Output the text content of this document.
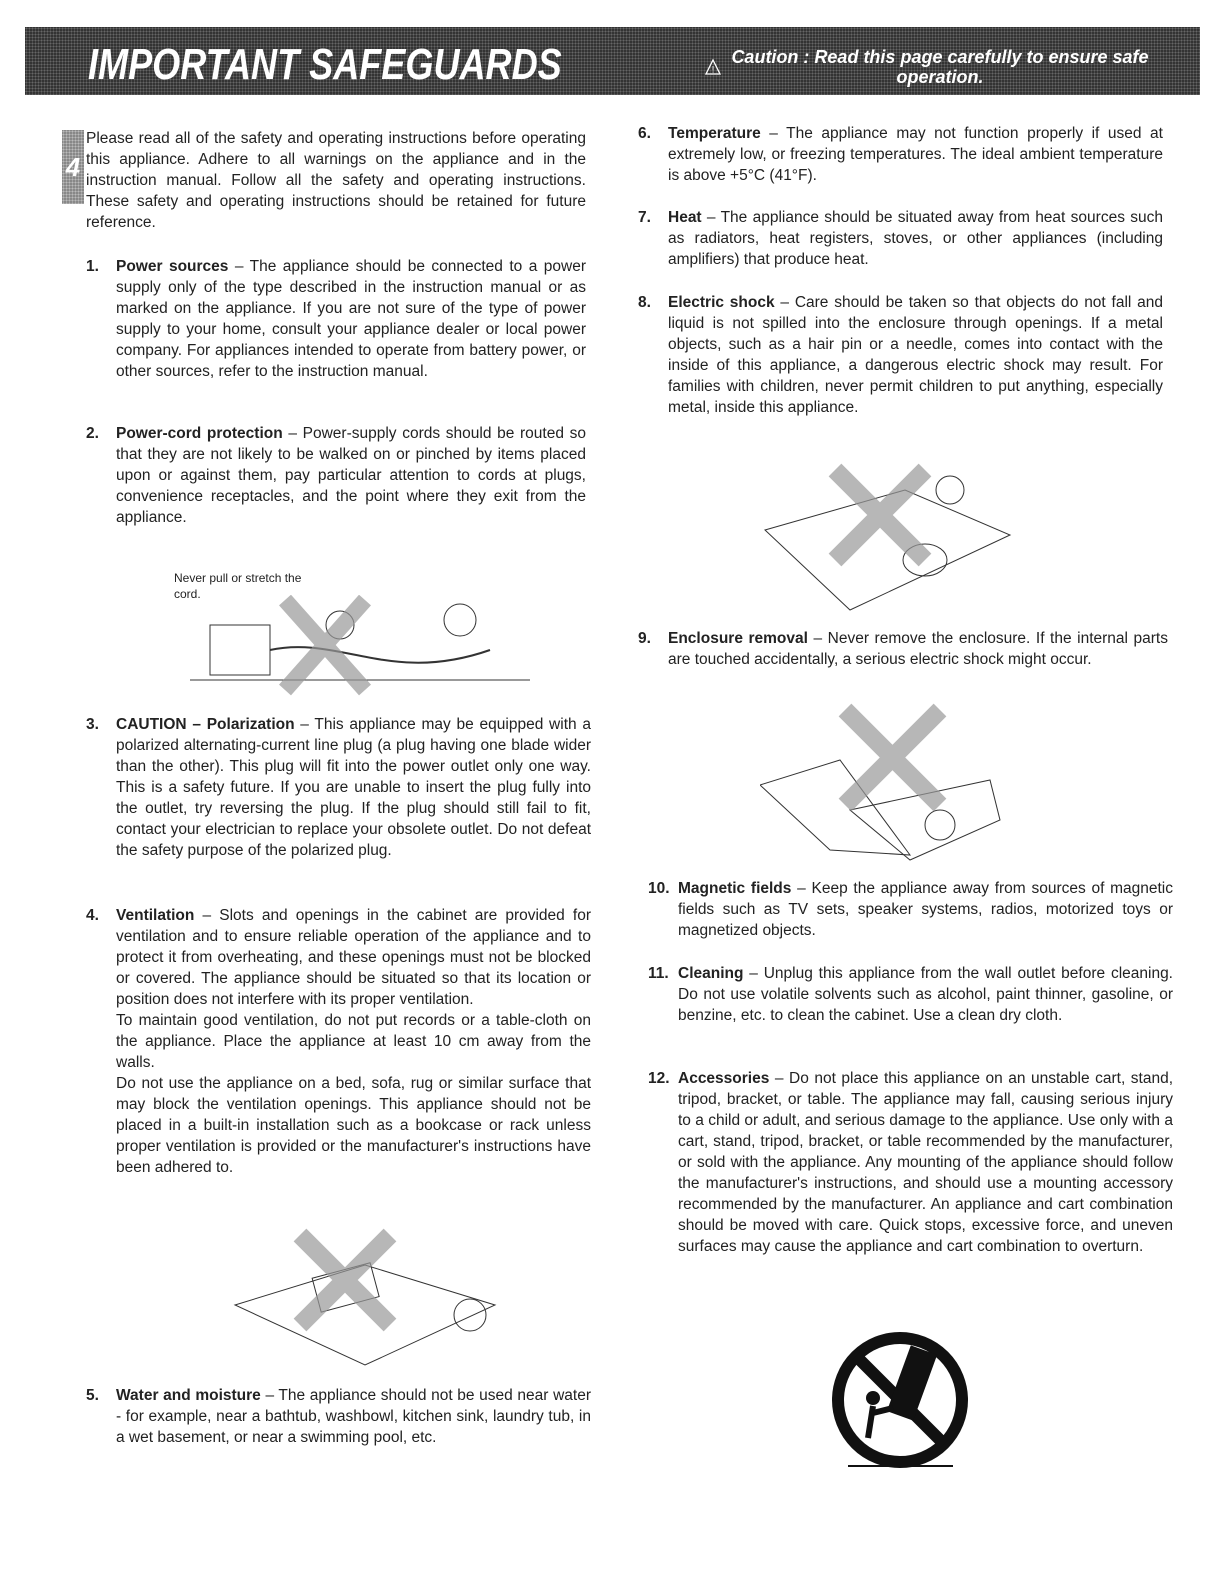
IMPORTANT SAFEGUARDS	!
Caution : Read this page carefully to ensure safe operation.
4
Please read all of the safety and operating instructions before operating this appliance. Adhere to all warnings on the appliance and in the instruction manual. Follow all the safety and operating instructions. These safety and operating instructions should be retained for future reference.
1. Power sources – The appliance should be connected to a power supply only of the type described in the instruction manual or as marked on the appliance. If you are not sure of the type of power supply to your home, consult your appliance dealer or local power company. For appliances intended to operate from battery power, or other sources, refer to the instruction manual.
2. Power-cord protection – Power-supply cords should be routed so that they are not likely to be walked on or pinched by items placed upon or against them, pay particular attention to cords at plugs, convenience receptacles, and the point where they exit from the appliance.
Never pull or stretch the cord.
3. CAUTION – Polarization – This appliance may be equipped with a polarized alternating-current line plug (a plug having one blade wider than the other). This plug will fit into the power outlet only one way. This is a safety future. If you are unable to insert the plug fully into the outlet, try reversing the plug. If the plug should still fail to fit, contact your electrician to replace your obsolete outlet. Do not defeat the safety purpose of the polarized plug.
4. Ventilation – Slots and openings in the cabinet are provided for ventilation and to ensure reliable operation of the appliance and to protect it from overheating, and these openings must not be blocked or covered. The appliance should be situated so that its location or position does not interfere with its proper ventilation.

To maintain good ventilation, do not put records or a table-cloth on the appliance. Place the appliance at least 10 cm away from the walls.

Do not use the appliance on a bed, sofa, rug or similar surface that may block the ventilation openings. This appliance should not be placed in a built-in installation such as a bookcase or rack unless proper ventilation is provided or the manufacturer's instructions have been adhered to.

5. Water and moisture – The appliance should not be used near water - for example, near a bathtub, washbowl, kitchen sink, laundry tub, in a wet basement, or near a swimming pool, etc.
6. Temperature – The appliance may not function properly if used at extremely low, or freezing temperatures. The ideal ambient temperature is above +5°C (41°F).
7. Heat – The appliance should be situated away from heat sources such as radiators, heat registers, stoves, or other appliances (including amplifiers) that produce heat.
8. Electric shock – Care should be taken so that objects do not fall and liquid is not spilled into the enclosure through openings. If a metal objects, such as a hair pin or a needle, comes into contact with the inside of this appliance, a dangerous electric shock may result. For families with children, never permit children to put anything, especially metal, inside this appliance.
9. Enclosure removal – Never remove the enclosure. If the internal parts are touched accidentally, a serious electric shock might occur.
10. Magnetic fields – Keep the appliance away from sources of magnetic fields such as TV sets, speaker systems, radios, motorized toys or magnetized objects.
11. Cleaning – Unplug this appliance from the wall outlet before cleaning. Do not use volatile solvents such as alcohol, paint thinner, gasoline, or benzine, etc. to clean the cabinet. Use a clean dry cloth.
12. Accessories – Do not place this appliance on an unstable cart, stand, tripod, bracket, or table. The appliance may fall, causing serious injury to a child or adult, and serious damage to the appliance. Use only with a cart, stand, tripod, bracket, or table recommended by the manufacturer, or sold with the appliance. Any mounting of the appliance should follow the manufacturer's instructions, and should use a mounting accessory recommended by the manufacturer. An appliance and cart combination should be moved with care. Quick stops, excessive force, and uneven surfaces may cause the appliance and cart combination to overturn.
